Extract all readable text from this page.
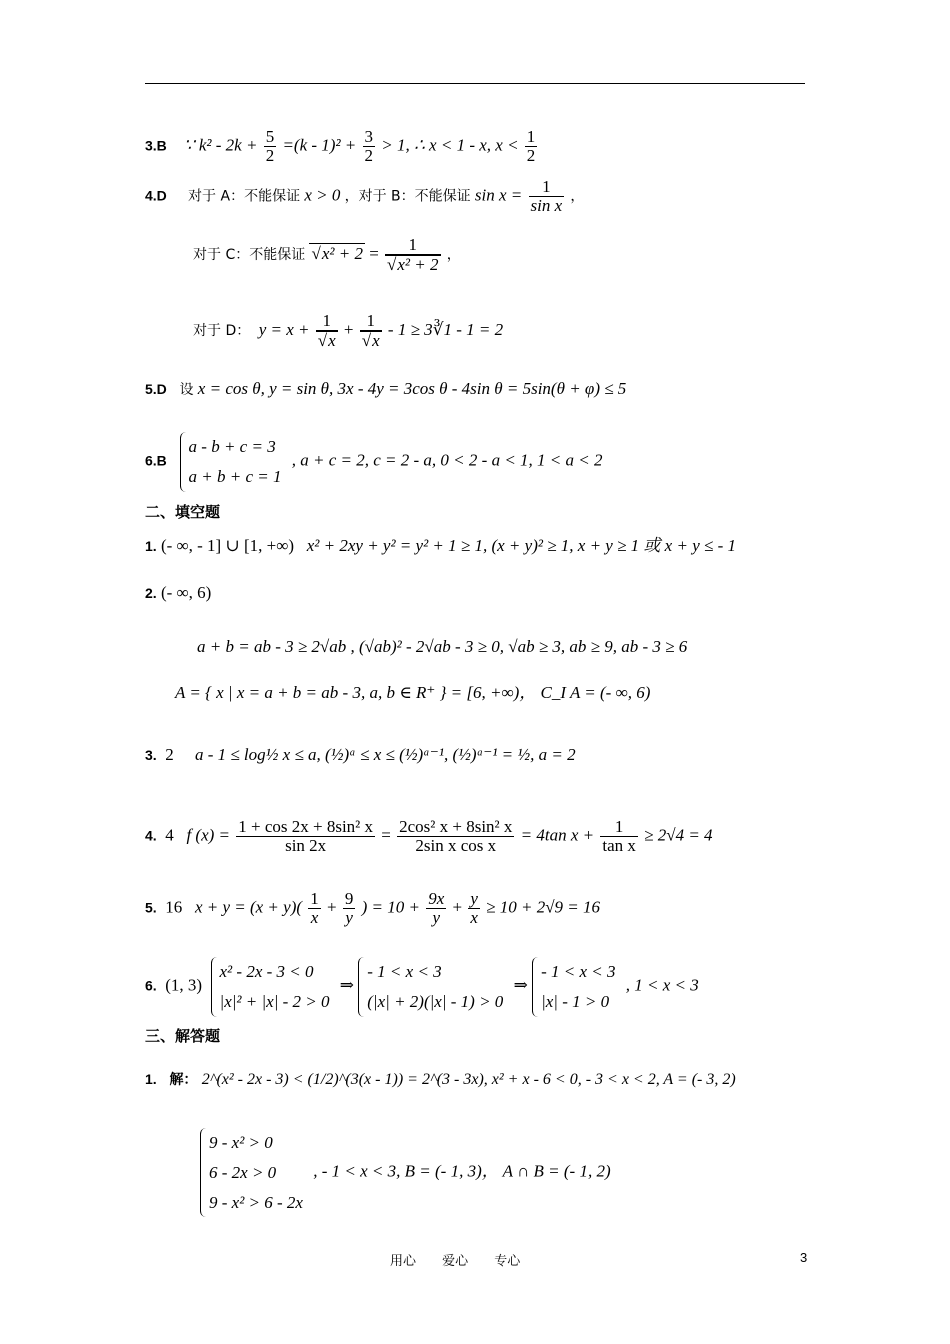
3.B ∵ $k^2 - 2k + \frac{5}{2} =(k - 1)^2 + \frac{3}{2} > 1$, ∴ x < 1 - x, $x < \frac{1}{2}$
4.D 对于 A：不能保证 x > 0 ，对于 B：不能保证 $\sin x = \frac{1}{\text{sin x}}$ ，
对于 C：不能保证 √ x² + 2 = 1
√ x² + 2 ，
对于 D： y = x + 1
√ x + 1
√ x - 1 ≥ 3∛1 - 1 = 2
5.D 设 x = cos θ, y = sin θ, 3x - 4y = 3cos θ - 4sin θ = 5sin(θ + φ) ≤ 5
6.B
a - b + c = 3
a + b + c = 1
, a + c = 2, c = 2 - a, 0 < 2 - a < 1, 1 < a < 2
二、填空题
1. (- ∞, - 1] ∪ [1, +∞) x² + 2xy + y² = y² + 1 ≥ 1, (x + y)² ≥ 1, x + y ≥ 1 或 x + y ≤ - 1
2. (- ∞, 6)
a + b = ab - 3 ≥ 2√ab , (√ab)² - 2√ab - 3 ≥ 0, √ab ≥ 3, ab ≥ 9, ab - 3 ≥ 6
A = { x | x = a + b = ab - 3, a, b ∈ R⁺ } = [6, +∞)， C_I A = (- ∞, 6)
3. 2 a - 1 ≤ log½ x ≤ a, (½)ᵃ ≤ x ≤ (½)ᵃ⁻¹, (½)ᵃ⁻¹ = ½, a = 2
4. 4 f $(x) = \frac{\text{1 + cos 2x + 8sin² x}}{\sin 2x} = \frac{\text{2cos² x + 8sin² x}}{\text{2sin x cos x}} = 4\tan$ $x + \frac{1}{\text{tan x}} \ge 2√4 = 4$
5. 16 $x + y = (x + y)( \frac{1}{x} + \frac{9}{y}$ ) = $10 + \frac{9x}{y} + \frac{y}{x} \ge 10 + 2√9 = 16$
6. (1, 3)
x² - 2x - 3 < 0
|x|² + |x| - 2 > 0
⇒
- 1 < x < 3
(|x| + 2)(|x| - 1) > 0
⇒
- 1 < x < 3
|x| - 1 > 0
, 1 < x < 3
三、解答题
1. 解： 2^(x² - 2x - 3) < (1/2)^(3(x - 1)) = 2^(3 - 3x), x² + x - 6 < 0, - 3 < x < 2, A = (- 3, 2)
9 - x² > 0
6 - 2x > 0
9 - x² > 6 - 2x
, - 1 < x < 3, B = (- 1, 3)， A ∩ B = (- 1, 2)
用心 爱心 专心	3
